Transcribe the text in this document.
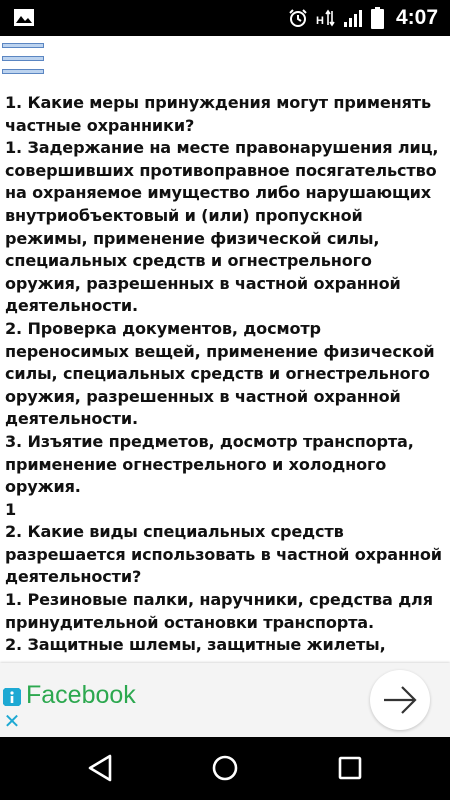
H	4:07

1. Какие меры принуждения могут применять частные охранники?

1. Задержание на месте правонарушения лиц, совершивших противоправное посягательство на охраняемое имущество либо нарушающих внутриобъектовый и (или) пропускной режимы, применение физической силы, специальных средств и огнестрельного оружия, разрешенных в частной охранной деятельности.

2. Проверка документов, досмотр переносимых вещей, применение физической силы, специальных средств и огнестрельного оружия, разрешенных в частной охранной деятельности.

3. Изъятие предметов, досмотр транспорта, применение огнестрельного и холодного оружия.

1

2. Какие виды специальных средств разрешается использовать в частной охранной деятельности?

1. Резиновые палки, наручники, средства для принудительной остановки транспорта.

2. Защитные шлемы, защитные жилеты,

✕
Facebook
